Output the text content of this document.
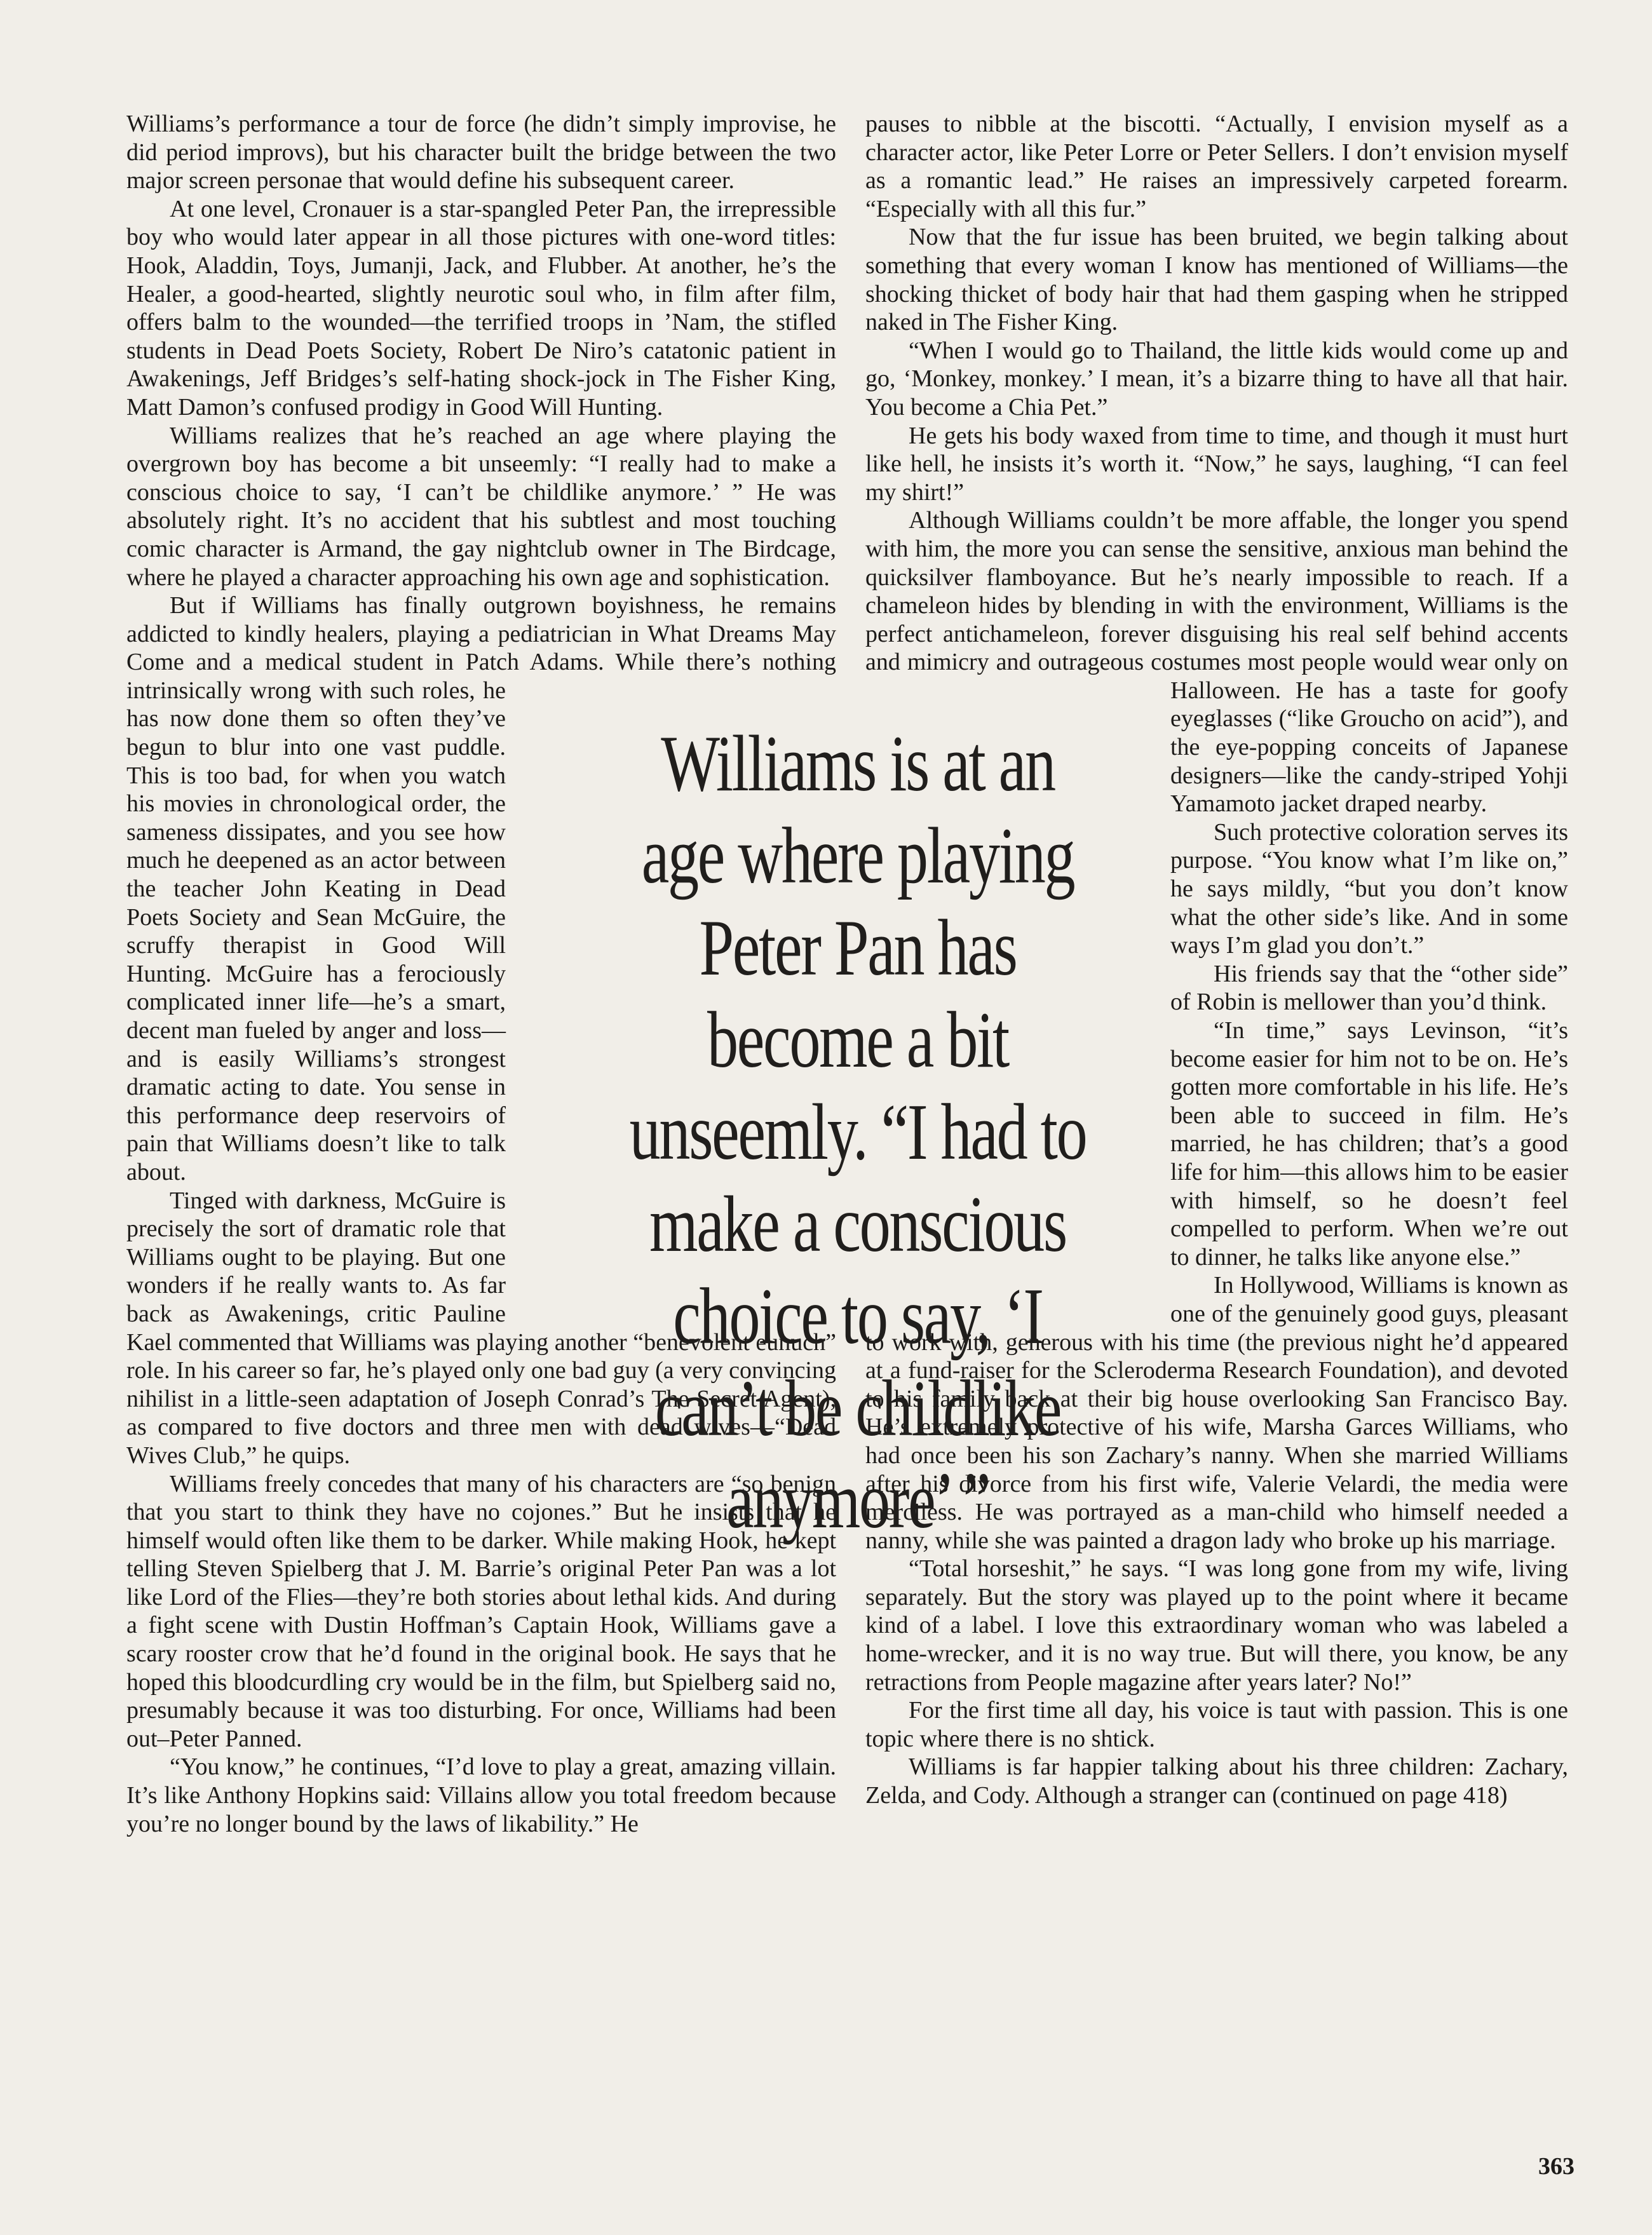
Williams’s performance a tour de force (he didn’t simply improvise, he did period improvs), but his character built the bridge between the two major screen personae that would define his subsequent career.

At one level, Cronauer is a star-spangled Peter Pan, the irrepressible boy who would later appear in all those pictures with one-word titles: Hook, Aladdin, Toys, Jumanji, Jack, and Flubber. At another, he’s the Healer, a good-hearted, slightly neurotic soul who, in film after film, offers balm to the wounded—the terrified troops in ’Nam, the stifled students in Dead Poets Society, Robert De Niro’s catatonic patient in Awakenings, Jeff Bridges’s self-hating shock-jock in The Fisher King, Matt Damon’s confused prodigy in Good Will Hunting.

Williams realizes that he’s reached an age where playing the overgrown boy has become a bit unseemly: “I really had to make a conscious choice to say, ‘I can’t be childlike anymore.’ ” He was absolutely right. It’s no accident that his subtlest and most touching comic character is Armand, the gay nightclub owner in The Birdcage, where he played a character approaching his own age and sophistication.

But if Williams has finally outgrown boyishness, he remains addicted to kindly healers, playing a pediatrician in What Dreams May Come and a medical student in Patch Adams. While there’s nothing intrinsically wrong with such roles, he has now done them so often they’ve begun to blur into one vast puddle. This is too bad, for when you watch his movies in chronological order, the sameness dissipates, and you see how much he deepened as an actor between the teacher John Keating in Dead Poets Society and Sean McGuire, the scruffy therapist in Good Will Hunting. McGuire has a ferociously complicated inner life—he’s a smart, decent man fueled by anger and loss—and is easily Williams’s strongest dramatic acting to date. You sense in this performance deep reservoirs of pain that Williams doesn’t like to talk about.

Tinged with darkness, McGuire is precisely the sort of dramatic role that Williams ought to be playing. But one wonders if he really wants to. As far back as Awakenings, critic Pauline Kael commented that Williams was playing another “benevolent eunuch” role. In his career so far, he’s played only one bad guy (a very convincing nihilist in a little-seen adaptation of Joseph Conrad’s The Secret Agent), as compared to five doctors and three men with dead wives—“Dead Wives Club,” he quips.

Williams freely concedes that many of his characters are “so benign that you start to think they have no cojones.” But he insists that he himself would often like them to be darker. While making Hook, he kept telling Steven Spielberg that J. M. Barrie’s original Peter Pan was a lot like Lord of the Flies—they’re both stories about lethal kids. And during a fight scene with Dustin Hoffman’s Captain Hook, Williams gave a scary rooster crow that he’d found in the original book. He says that he hoped this bloodcurdling cry would be in the film, but Spielberg said no, presumably because it was too disturbing. For once, Williams had been out–Peter Panned.

“You know,” he continues, “I’d love to play a great, amazing villain. It’s like Anthony Hopkins said: Villains allow you total freedom because you’re no longer bound by the laws of likability.” He

pauses to nibble at the biscotti. “Actually, I envision myself as a character actor, like Peter Lorre or Peter Sellers. I don’t envision myself as a romantic lead.” He raises an impressively carpeted forearm. “Especially with all this fur.”

Now that the fur issue has been bruited, we begin talking about something that every woman I know has mentioned of Williams—the shocking thicket of body hair that had them gasping when he stripped naked in The Fisher King.

“When I would go to Thailand, the little kids would come up and go, ‘Monkey, monkey.’ I mean, it’s a bizarre thing to have all that hair. You become a Chia Pet.”

He gets his body waxed from time to time, and though it must hurt like hell, he insists it’s worth it. “Now,” he says, laughing, “I can feel my shirt!”

Although Williams couldn’t be more affable, the longer you spend with him, the more you can sense the sensitive, anxious man behind the quicksilver flamboyance. But he’s nearly impossible to reach. If a chameleon hides by blending in with the environment, Williams is the perfect antichameleon, forever disguising his real self behind accents and mimicry and outrageous costumes most people would wear only on Halloween. He has a taste for goofy eyeglasses (“like Groucho on acid”), and the eye-popping conceits of Japanese designers—like the candy-striped Yohji Yamamoto jacket draped nearby.

Such protective coloration serves its purpose. “You know what I’m like on,” he says mildly, “but you don’t know what the other side’s like. And in some ways I’m glad you don’t.”

His friends say that the “other side” of Robin is mellower than you’d think.

“In time,” says Levinson, “it’s become easier for him not to be on. He’s gotten more comfortable in his life. He’s been able to succeed in film. He’s married, he has children; that’s a good life for him—this allows him to be easier with himself, so he doesn’t feel compelled to perform. When we’re out to dinner, he talks like anyone else.”

In Hollywood, Williams is known as one of the genuinely good guys, pleasant to work with, generous with his time (the previous night he’d appeared at a fund-raiser for the Scleroderma Research Foundation), and devoted to his family back at their big house overlooking San Francisco Bay. He’s extremely protective of his wife, Marsha Garces Williams, who had once been his son Zachary’s nanny. When she married Williams after his divorce from his first wife, Valerie Velardi, the media were merciless. He was portrayed as a man-child who himself needed a nanny, while she was painted a dragon lady who broke up his marriage.

“Total horseshit,” he says. “I was long gone from my wife, living separately. But the story was played up to the point where it became kind of a label. I love this extraordinary woman who was labeled a home-wrecker, and it is no way true. But will there, you know, be any retractions from People magazine after years later? No!”

For the first time all day, his voice is taut with passion. This is one topic where there is no shtick.

Williams is far happier talking about his three children: Zachary, Zelda, and Cody. Although a stranger can (continued on page 418)

Williams is at an age where playing Peter Pan has become a bit unseemly. “I had to make a conscious choice to say, ‘I can’t be childlike anymore’ ”
363
